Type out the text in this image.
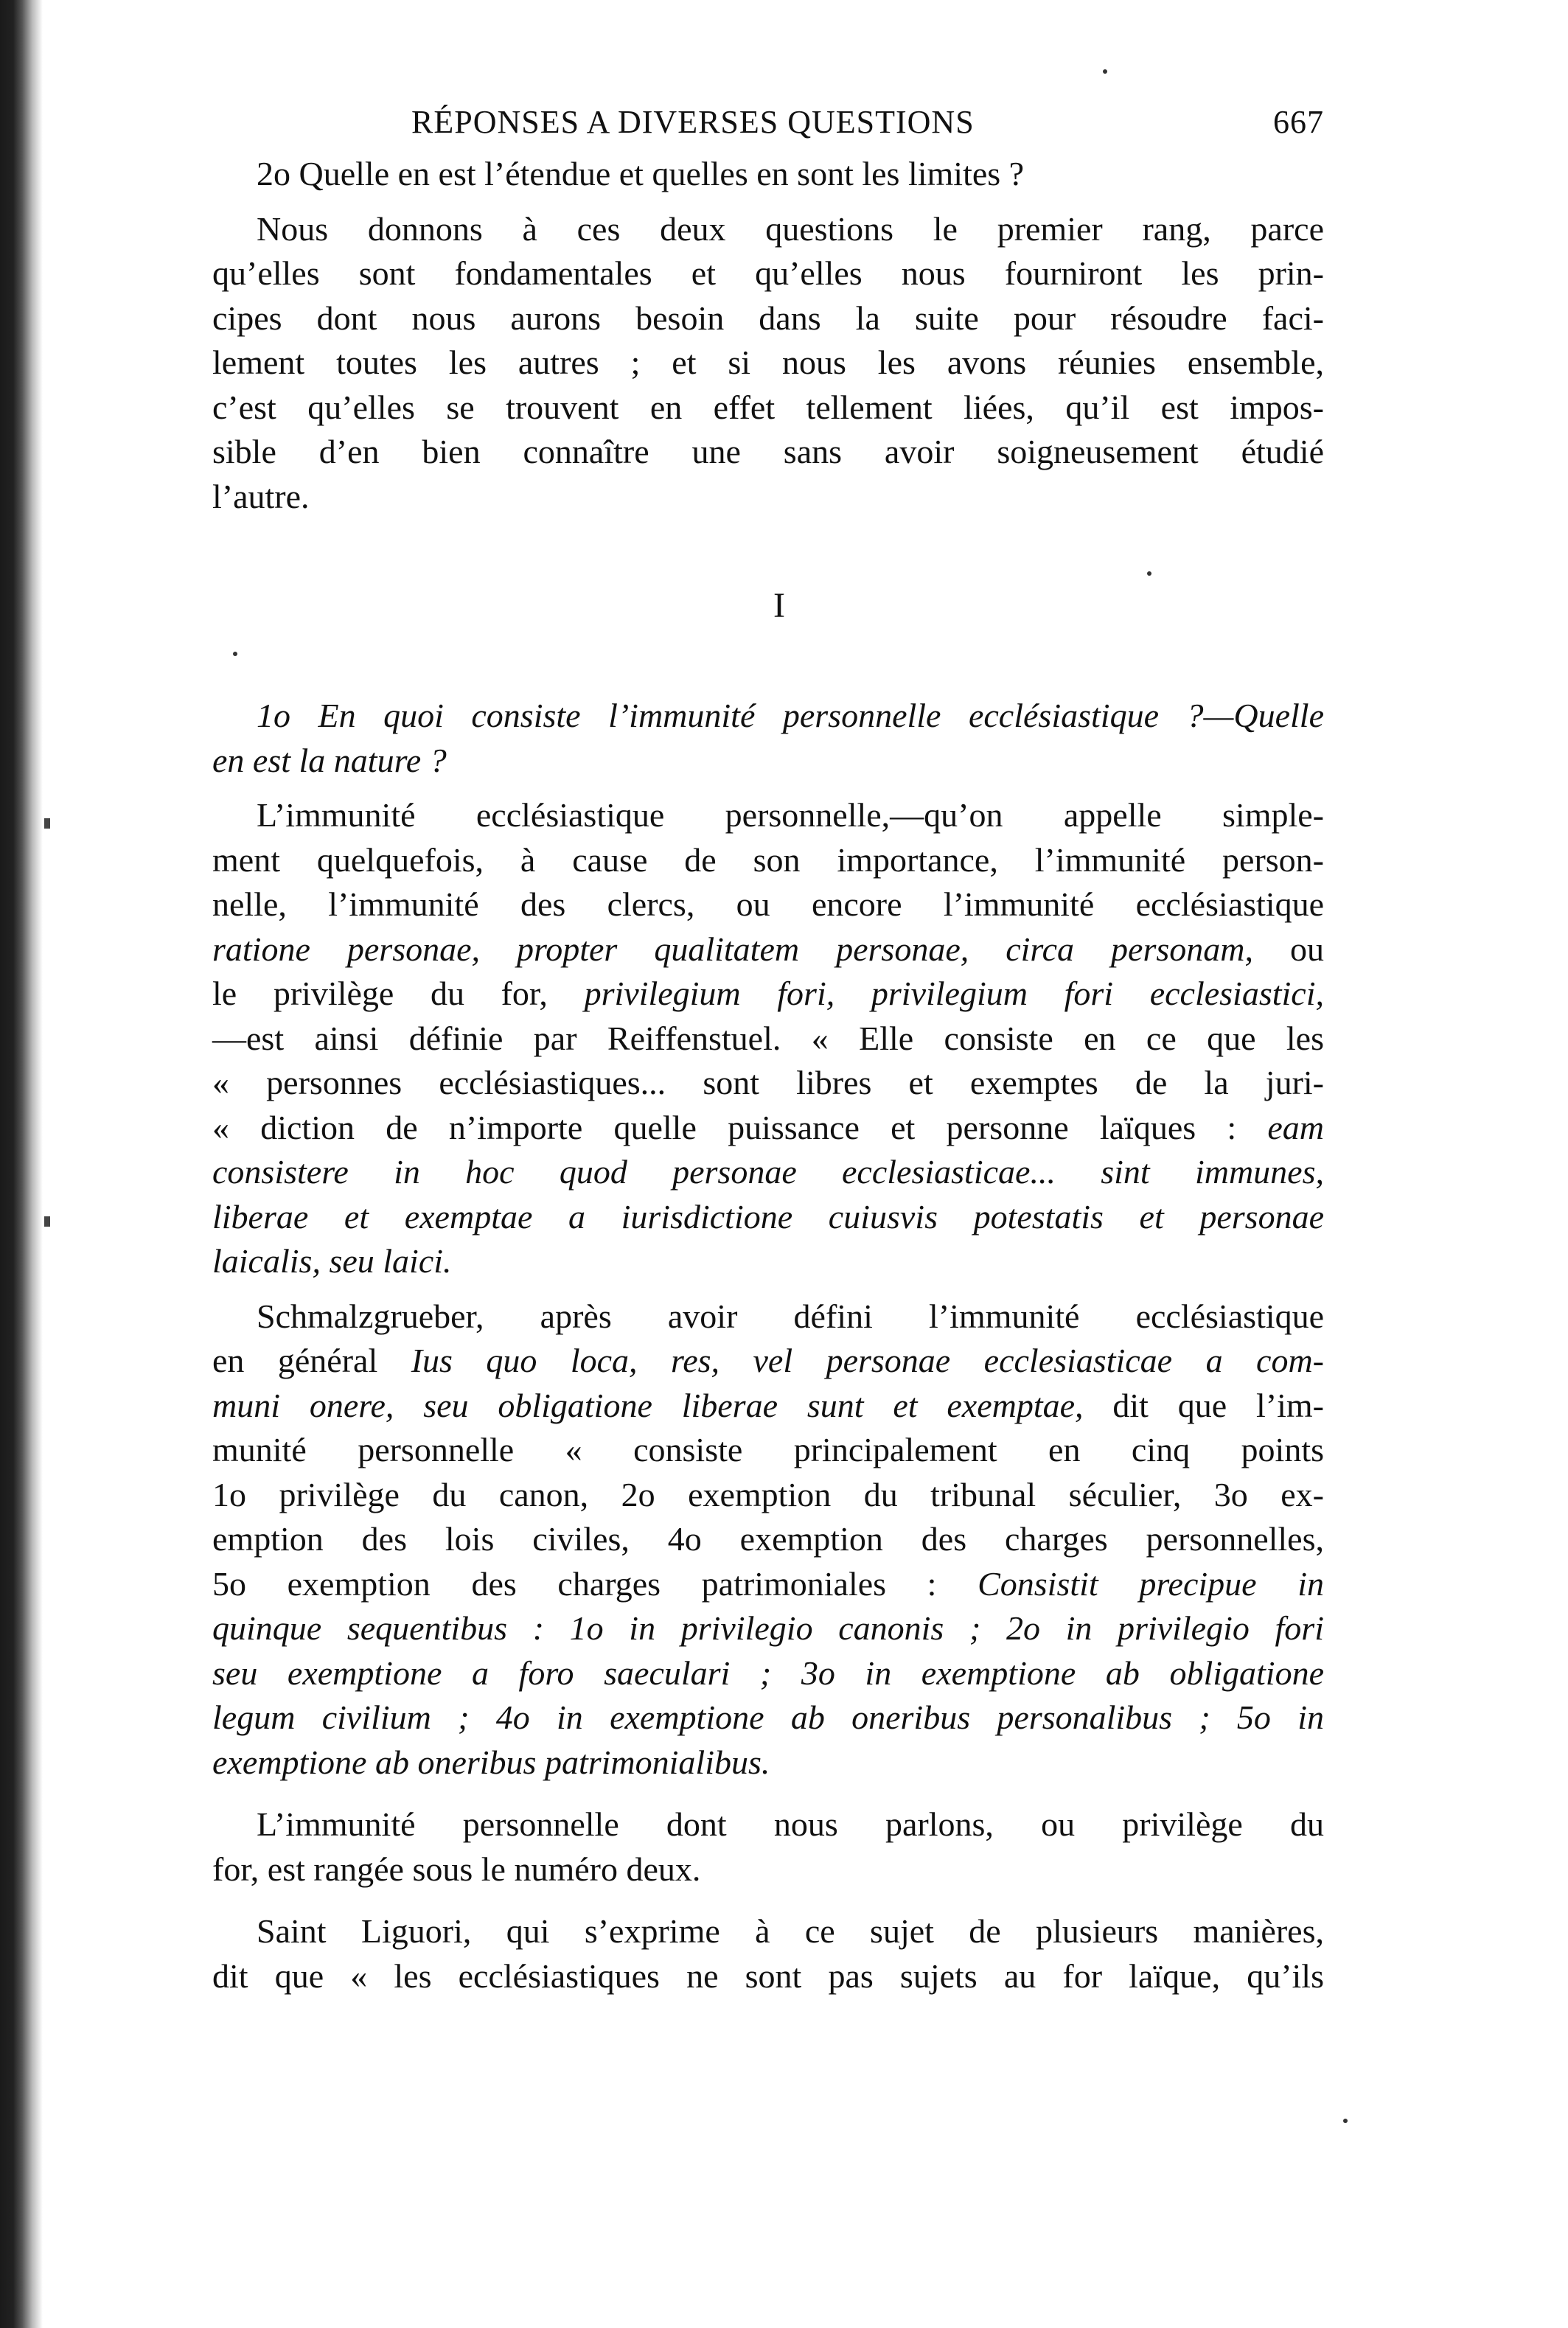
RÉPONSES A DIVERSES QUESTIONS	667
2o Quelle en est l’étendue et quelles en sont les limites ?
Nous donnons à ces deux questions le premier rang, parce
qu’elles sont fondamentales et qu’elles nous fourniront les prin-
cipes dont nous aurons besoin dans la suite pour résoudre faci-
lement toutes les autres ; et si nous les avons réunies ensemble,
c’est qu’elles se trouvent en effet tellement liées, qu’il est impos-
sible d’en bien connaître une sans avoir soigneusement étudié
l’autre.
I
1o En quoi consiste l’immunité personnelle ecclésiastique ?—Quelle
en est la nature ?
L’immunité ecclésiastique personnelle,—qu’on appelle simple-
ment quelquefois, à cause de son importance, l’immunité person-
nelle, l’immunité des clercs, ou encore l’immunité ecclésiastique
ratione personae, propter qualitatem personae, circa personam, ou
le privilège du for, privilegium fori, privilegium fori ecclesiastici,
—est ainsi définie par Reiffenstuel. « Elle consiste en ce que les
« personnes ecclésiastiques... sont libres et exemptes de la juri-
« diction de n’importe quelle puissance et personne laïques : eam
consistere in hoc quod personae ecclesiasticae... sint immunes,
liberae et exemptae a iurisdictione cuiusvis potestatis et personae
laicalis, seu laici.
Schmalzgrueber, après avoir défini l’immunité ecclésiastique
en général Ius quo loca, res, vel personae ecclesiasticae a com-
muni onere, seu obligatione liberae sunt et exemptae, dit que l’im-
munité personnelle « consiste principalement en cinq points
1o privilège du canon, 2o exemption du tribunal séculier, 3o ex-
emption des lois civiles, 4o exemption des charges personnelles,
5o exemption des charges patrimoniales : Consistit precipue in
quinque sequentibus : 1o in privilegio canonis ; 2o in privilegio fori
seu exemptione a foro saeculari ; 3o in exemptione ab obligatione
legum civilium ; 4o in exemptione ab oneribus personalibus ; 5o in
exemptione ab oneribus patrimonialibus.
L’immunité personnelle dont nous parlons, ou privilège du
for, est rangée sous le numéro deux.
Saint Liguori, qui s’exprime à ce sujet de plusieurs manières,
dit que « les ecclésiastiques ne sont pas sujets au for laïque, qu’ils
